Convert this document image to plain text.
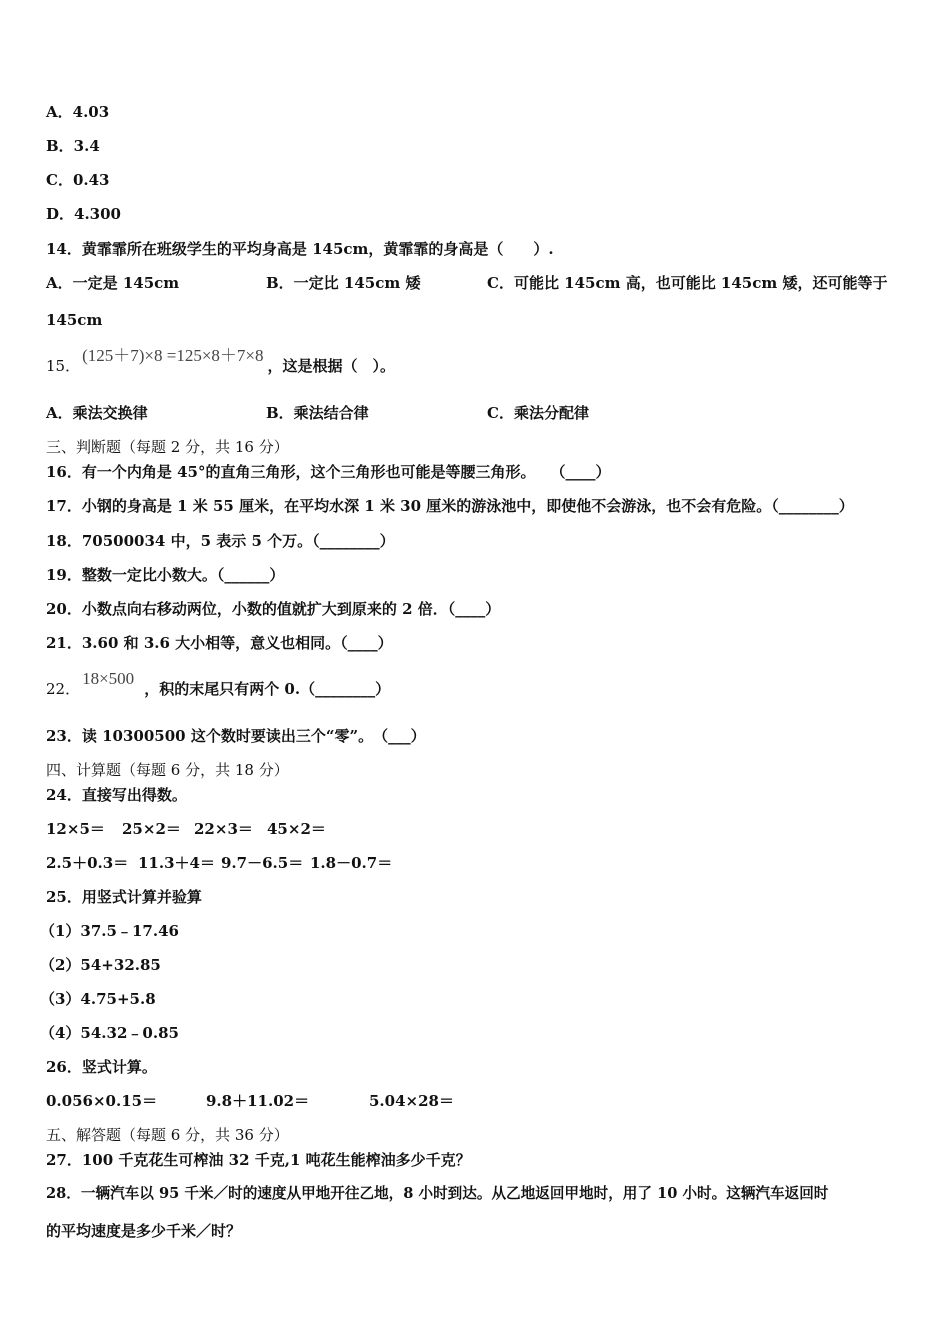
A．4.03
B．3.4
C．0.43
D．4.300
14．黄霏霏所在班级学生的平均身高是 145cm，黄霏霏的身高是（　　）.
A．一定是 145cm	B．一定比 145cm 矮	C．可能比 145cm 高，也可能比 145cm 矮，还可能等于
145cm
15．(125＋7)×8 =125×8＋7×8，这是根据（　）。
A．乘法交换律	B．乘法结合律	C．乘法分配律
三、判断题（每题 2 分，共 16 分）
16．有一个内角是 45°的直角三角形，这个三角形也可能是等腰三角形。　　（____）
17．小钢的身高是 1 米 55 厘米，在平均水深 1 米 30 厘米的游泳池中，即使他不会游泳，也不会有危险。（________）
18．70500034 中，5 表示 5 个万。（________）
19．整数一定比小数大。（______）
20．小数点向右移动两位，小数的值就扩大到原来的 2 倍．（____）
21．3.60 和 3.6 大小相等，意义也相同。（____）
22．18×500，积的末尾只有两个 0.（________）
23．读 10300500 这个数时要读出三个“零”。　（___）
四、计算题（每题 6 分，共 18 分）
24．直接写出得数。
12×5＝ 25×2＝ 22×3＝ 45×2＝
2.5＋0.3＝ 11.3＋4＝ 9.7－6.5＝ 1.8－0.7＝
25．用竖式计算并验算
（1）37.5﹣17.46
（2）54+32.85
（3）4.75+5.8
（4）54.32﹣0.85
26．竖式计算。
0.056×0.15＝	9.8＋11.02＝	5.04×28＝
五、解答题（每题 6 分，共 36 分）
27．100 千克花生可榨油 32 千克,1 吨花生能榨油多少千克？
28．一辆汽车以 95 千米／时的速度从甲地开往乙地，8 小时到达。从乙地返回甲地时，用了 10 小时。这辆汽车返回时
的平均速度是多少千米／时？
